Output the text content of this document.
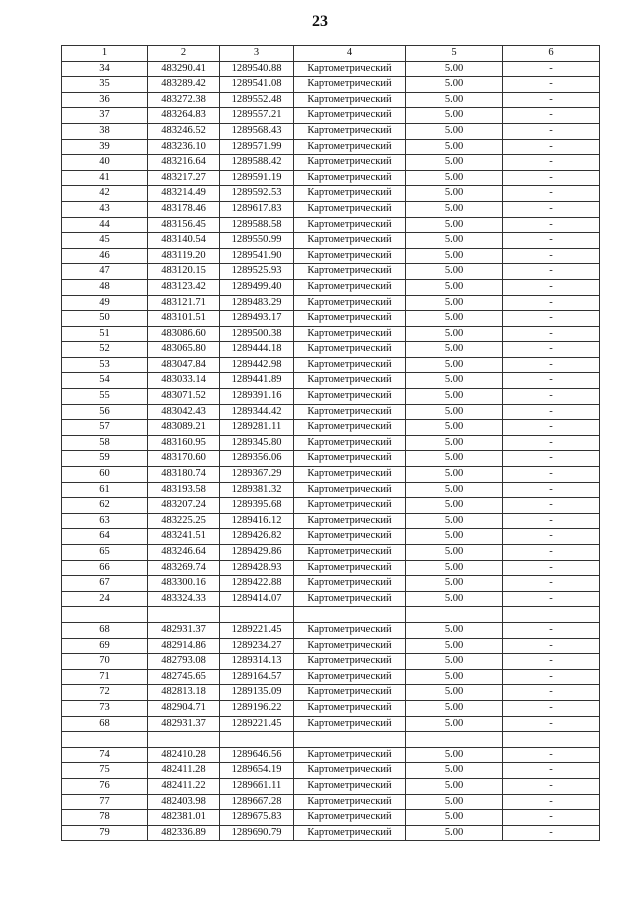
23
1	2	3	4	5	6
34	483290.41	1289540.88	Картометрический	5.00	-
35	483289.42	1289541.08	Картометрический	5.00	-
36	483272.38	1289552.48	Картометрический	5.00	-
37	483264.83	1289557.21	Картометрический	5.00	-
38	483246.52	1289568.43	Картометрический	5.00	-
39	483236.10	1289571.99	Картометрический	5.00	-
40	483216.64	1289588.42	Картометрический	5.00	-
41	483217.27	1289591.19	Картометрический	5.00	-
42	483214.49	1289592.53	Картометрический	5.00	-
43	483178.46	1289617.83	Картометрический	5.00	-
44	483156.45	1289588.58	Картометрический	5.00	-
45	483140.54	1289550.99	Картометрический	5.00	-
46	483119.20	1289541.90	Картометрический	5.00	-
47	483120.15	1289525.93	Картометрический	5.00	-
48	483123.42	1289499.40	Картометрический	5.00	-
49	483121.71	1289483.29	Картометрический	5.00	-
50	483101.51	1289493.17	Картометрический	5.00	-
51	483086.60	1289500.38	Картометрический	5.00	-
52	483065.80	1289444.18	Картометрический	5.00	-
53	483047.84	1289442.98	Картометрический	5.00	-
54	483033.14	1289441.89	Картометрический	5.00	-
55	483071.52	1289391.16	Картометрический	5.00	-
56	483042.43	1289344.42	Картометрический	5.00	-
57	483089.21	1289281.11	Картометрический	5.00	-
58	483160.95	1289345.80	Картометрический	5.00	-
59	483170.60	1289356.06	Картометрический	5.00	-
60	483180.74	1289367.29	Картометрический	5.00	-
61	483193.58	1289381.32	Картометрический	5.00	-
62	483207.24	1289395.68	Картометрический	5.00	-
63	483225.25	1289416.12	Картометрический	5.00	-
64	483241.51	1289426.82	Картометрический	5.00	-
65	483246.64	1289429.86	Картометрический	5.00	-
66	483269.74	1289428.93	Картометрический	5.00	-
67	483300.16	1289422.88	Картометрический	5.00	-
24	483324.33	1289414.07	Картометрический	5.00	-

68	482931.37	1289221.45	Картометрический	5.00	-
69	482914.86	1289234.27	Картометрический	5.00	-
70	482793.08	1289314.13	Картометрический	5.00	-
71	482745.65	1289164.57	Картометрический	5.00	-
72	482813.18	1289135.09	Картометрический	5.00	-
73	482904.71	1289196.22	Картометрический	5.00	-
68	482931.37	1289221.45	Картометрический	5.00	-

74	482410.28	1289646.56	Картометрический	5.00	-
75	482411.28	1289654.19	Картометрический	5.00	-
76	482411.22	1289661.11	Картометрический	5.00	-
77	482403.98	1289667.28	Картометрический	5.00	-
78	482381.01	1289675.83	Картометрический	5.00	-
79	482336.89	1289690.79	Картометрический	5.00	-
